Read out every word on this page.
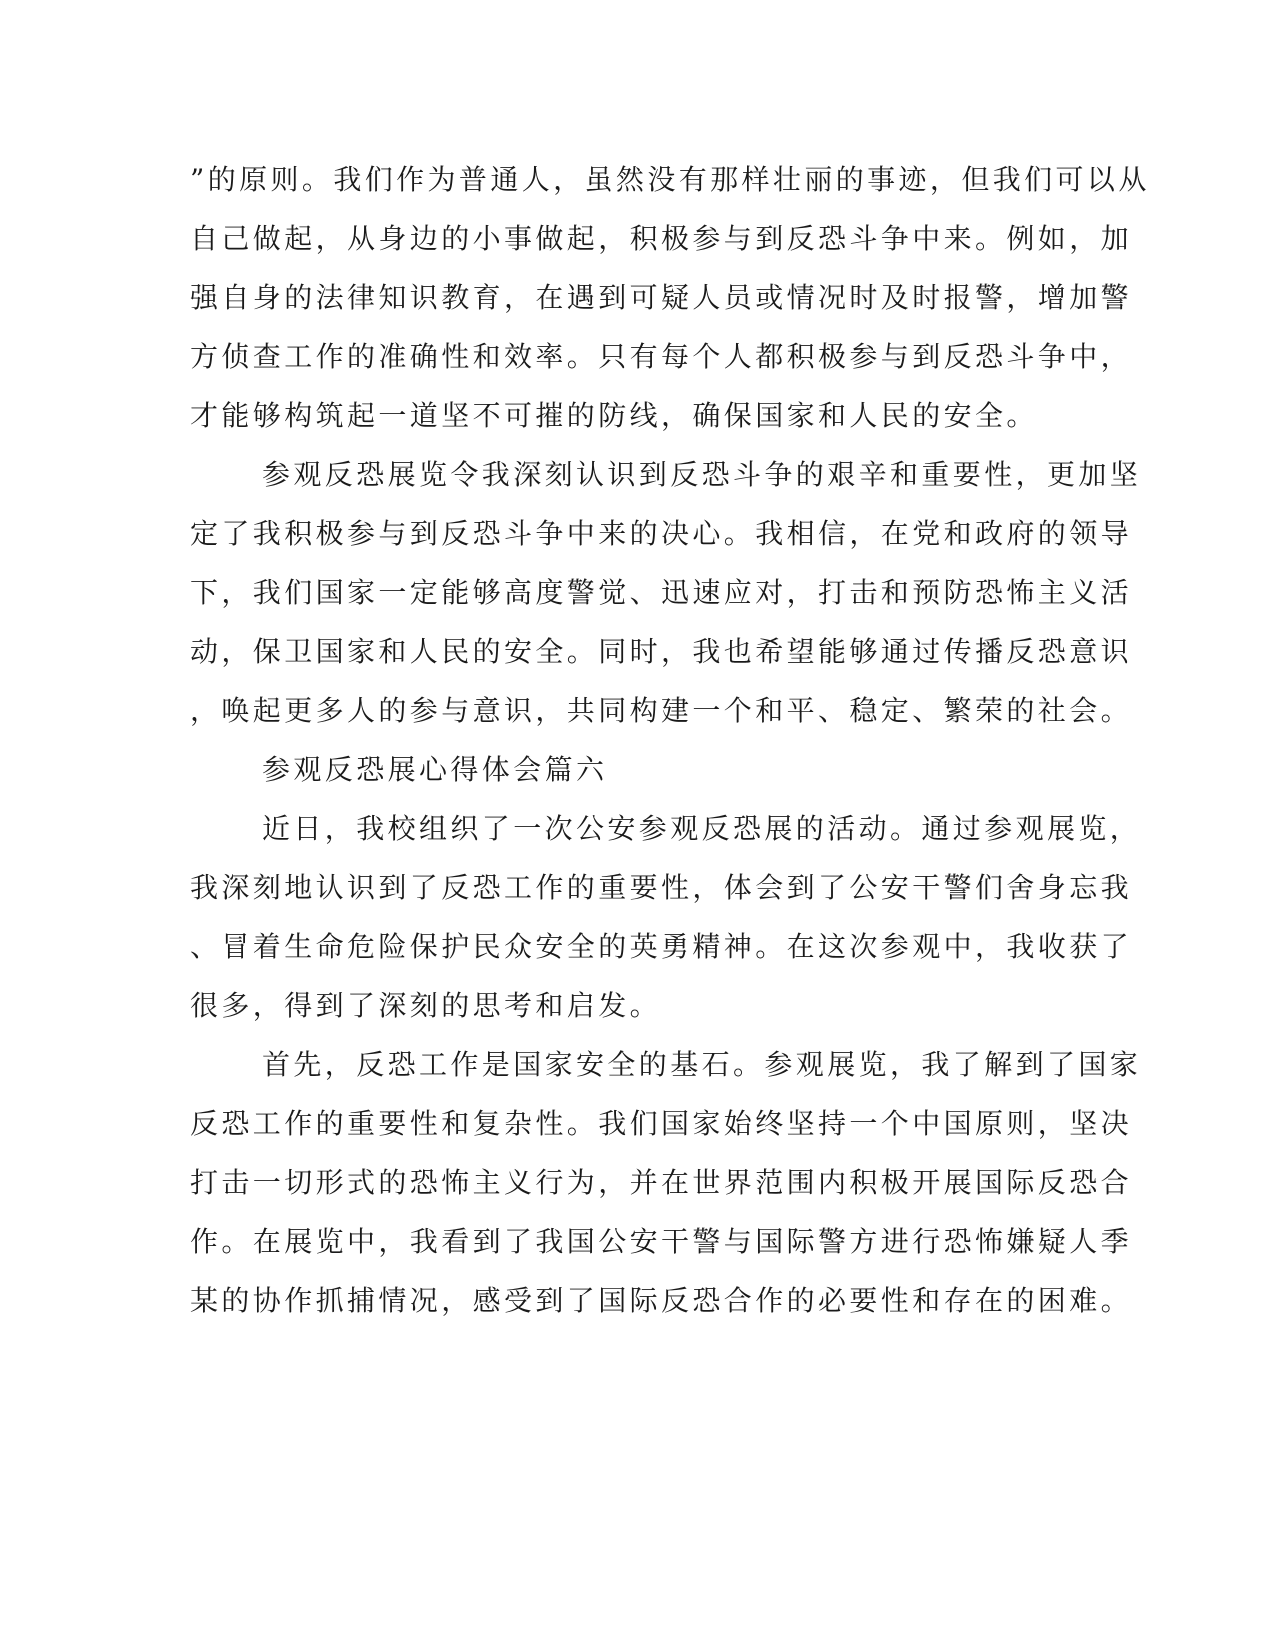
”的原则。我们作为普通人，虽然没有那样壮丽的事迹，但我们可以从
自己做起，从身边的小事做起，积极参与到反恐斗争中来。例如，加
强自身的法律知识教育，在遇到可疑人员或情况时及时报警，增加警
方侦查工作的准确性和效率。只有每个人都积极参与到反恐斗争中，
才能够构筑起一道坚不可摧的防线，确保国家和人民的安全。
参观反恐展览令我深刻认识到反恐斗争的艰辛和重要性，更加坚
定了我积极参与到反恐斗争中来的决心。我相信，在党和政府的领导
下，我们国家一定能够高度警觉、迅速应对，打击和预防恐怖主义活
动，保卫国家和人民的安全。同时，我也希望能够通过传播反恐意识
，唤起更多人的参与意识，共同构建一个和平、稳定、繁荣的社会。
参观反恐展心得体会篇六
近日，我校组织了一次公安参观反恐展的活动。通过参观展览，
我深刻地认识到了反恐工作的重要性，体会到了公安干警们舍身忘我
、冒着生命危险保护民众安全的英勇精神。在这次参观中，我收获了
很多，得到了深刻的思考和启发。
首先，反恐工作是国家安全的基石。参观展览，我了解到了国家
反恐工作的重要性和复杂性。我们国家始终坚持一个中国原则，坚决
打击一切形式的恐怖主义行为，并在世界范围内积极开展国际反恐合
作。在展览中，我看到了我国公安干警与国际警方进行恐怖嫌疑人季
某的协作抓捕情况，感受到了国际反恐合作的必要性和存在的困难。
